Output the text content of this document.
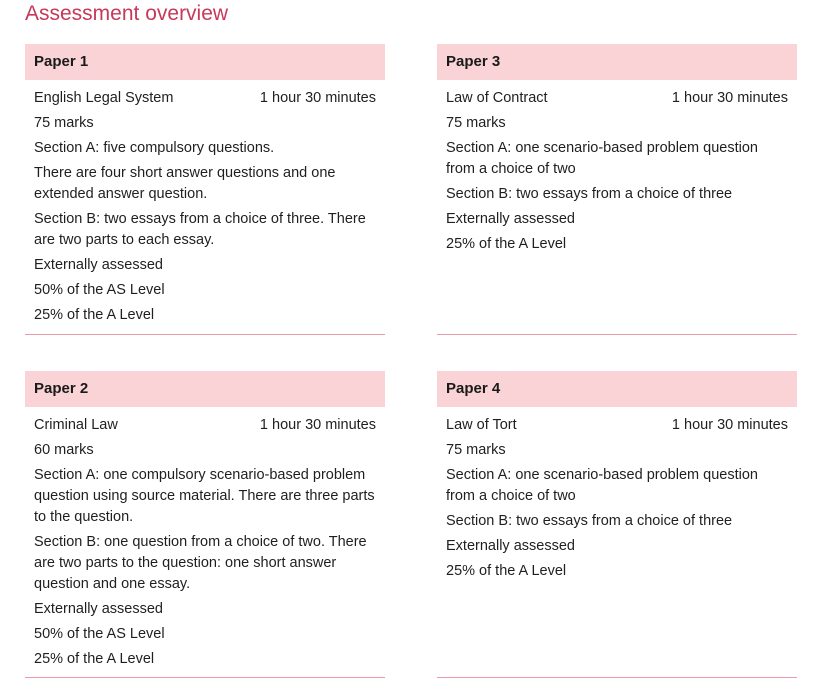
Assessment overview
Paper 1
English Legal System	1 hour 30 minutes
75 marks
Section A: five compulsory questions.
There are four short answer questions and one extended answer question.
Section B: two essays from a choice of three. There are two parts to each essay.
Externally assessed
50% of the AS Level
25% of the A Level
Paper 3
Law of Contract	1 hour 30 minutes
75 marks
Section A: one scenario-based problem question from a choice of two
Section B: two essays from a choice of three
Externally assessed
25% of the A Level
Paper 2
Criminal Law	1 hour 30 minutes
60 marks
Section A: one compulsory scenario-based problem question using source material. There are three parts to the question.
Section B: one question from a choice of two. There are two parts to the question: one short answer question and one essay.
Externally assessed
50% of the AS Level
25% of the A Level
Paper 4
Law of Tort	1 hour 30 minutes
75 marks
Section A: one scenario-based problem question from a choice of two
Section B: two essays from a choice of three
Externally assessed
25% of the A Level
